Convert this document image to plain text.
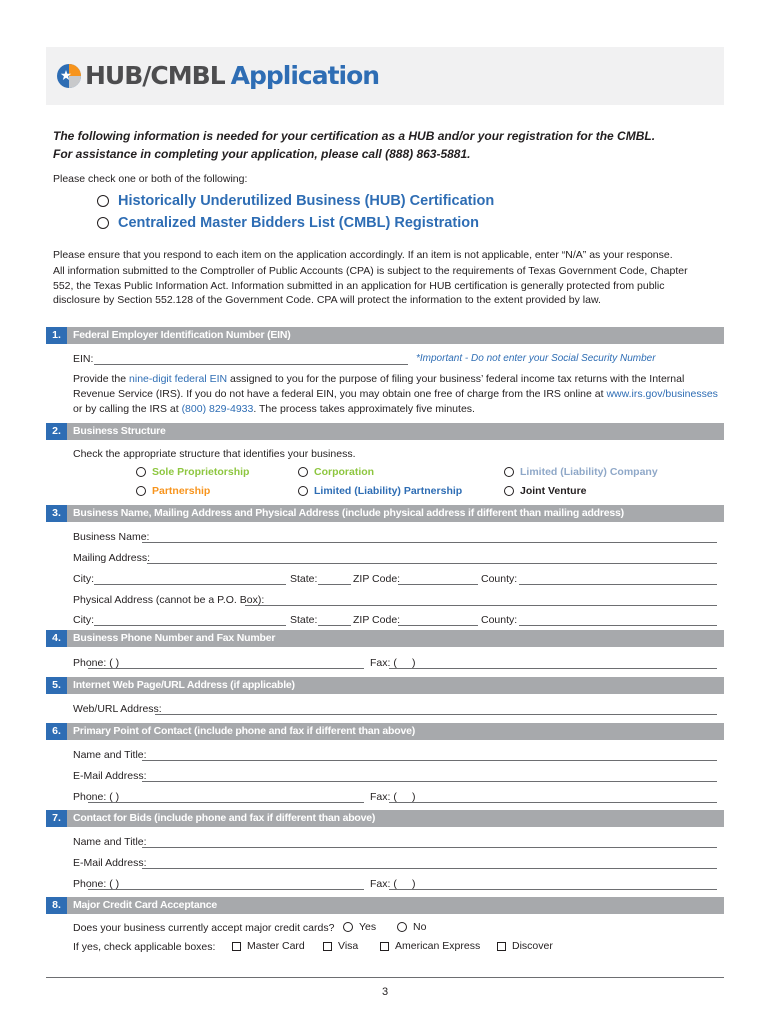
HUB/CMBL Application
The following information is needed for your certification as a HUB and/or your registration for the CMBL.
For assistance in completing your application, please call (888) 863-5881.
Please check one or both of the following:
Historically Underutilized Business (HUB) Certification
Centralized Master Bidders List (CMBL) Registration
Please ensure that you respond to each item on the application accordingly. If an item is not applicable, enter “N/A” as your response.
All information submitted to the Comptroller of Public Accounts (CPA) is subject to the requirements of Texas Government Code, Chapter 552, the Texas Public Information Act. Information submitted in an application for HUB certification is generally protected from public disclosure by Section 552.128 of the Government Code. CPA will protect the information to the extent provided by law.
1.	Federal Employer Identification Number (EIN)
EIN:	*Important - Do not enter your Social Security Number
Provide the nine-digit federal EIN assigned to you for the purpose of filing your business’ federal income tax returns with the Internal
Revenue Service (IRS). If you do not have a federal EIN, you may obtain one free of charge from the IRS online at www.irs.gov/businesses
or by calling the IRS at (800) 829-4933. The process takes approximately five minutes.
2.	Business Structure
Check the appropriate structure that identifies your business.
Sole Proprietorship	Corporation	Limited (Liability) Company
Partnership	Limited (Liability) Partnership	Joint Venture
3.	Business Name, Mailing Address and Physical Address (include physical address if different than mailing address)
Business Name:
Mailing Address:
City:	State:	ZIP Code:	County:
Physical Address (cannot be a P.O. Box):
City:	State:	ZIP Code:	County:
4.	Business Phone Number and Fax Number
Phone: ( )	Fax: ( )
5.	Internet Web Page/URL Address (if applicable)
Web/URL Address:
6.	Primary Point of Contact (include phone and fax if different than above)
Name and Title:
E-Mail Address:
Phone: ( )	Fax: ( )
7.	Contact for Bids (include phone and fax if different than above)
Name and Title:
E-Mail Address:
Phone: ( )	Fax: ( )
8.	Major Credit Card Acceptance
Does your business currently accept major credit cards? Yes	No
If yes, check applicable boxes:	Master Card	Visa	American Express	Discover
3
